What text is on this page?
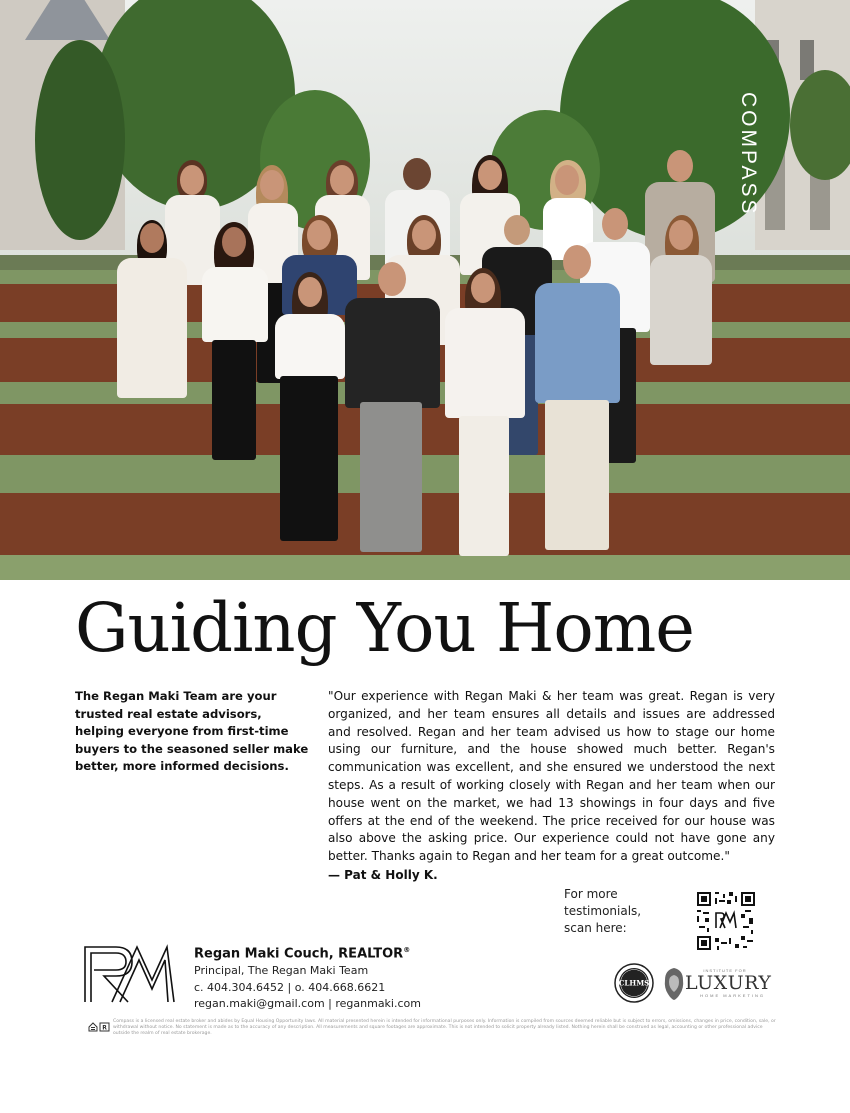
COMPASS
Guiding You Home
The Regan Maki Team are your trusted real estate advisors, helping everyone from first-time buyers to the seasoned seller make better, more informed decisions.
"Our experience with Regan Maki & her team was great. Regan is very organized, and her team ensures all details and issues are addressed and resolved. Regan and her team advised us how to stage our home using our furniture, and the house showed much better. Regan's communication was excellent, and she ensured we understood the next steps. As a result of working closely with Regan and her team when our house went on the market, we had 13 showings in four days and five offers at the end of the weekend. The price received for our house was also above the asking price. Our experience could not have gone any better. Thanks again to Regan and her team for a great outcome."
— Pat & Holly K.
For more testimonials,
scan here:
Regan Maki Couch, REALTOR®
Principal, The Regan Maki Team
c. 404.304.6452 | o. 404.668.6621
regan.maki@gmail.com | reganmaki.com
CLHMS
INSTITUTE FOR
LUXURY
HOME MARKETING
R
Compass is a licensed real estate broker and abides by Equal Housing Opportunity laws. All material presented herein is intended for informational purposes only. Information is compiled from sources deemed reliable but is subject to errors, omissions, changes in price, condition, sale, or withdrawal without notice. No statement is made as to the accuracy of any description. All measurements and square footages are approximate. This is not intended to solicit property already listed. Nothing herein shall be construed as legal, accounting or other professional advice outside the realm of real estate brokerage.
